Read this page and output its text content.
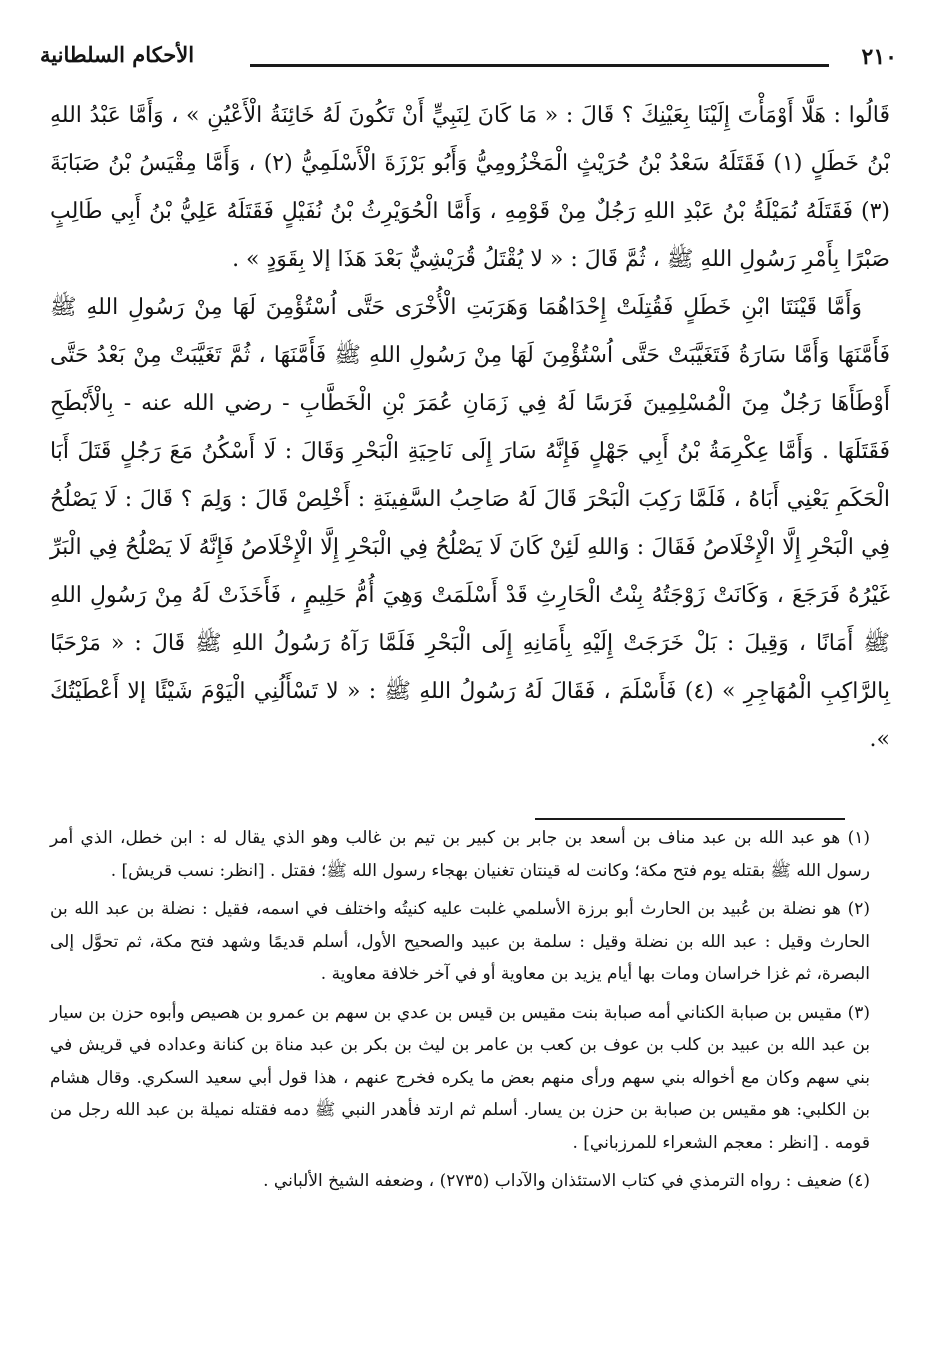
٢١٠
الأحكام السلطانية

قَالُوا : هَلَّا أَوْمَأْتَ إِلَيْنَا بِعَيْنِكَ ؟ قَالَ : « مَا كَانَ لِنَبِيٍّ أَنْ تَكُونَ لَهُ خَائِنَةُ الْأَعْيُنِ » ، وَأَمَّا عَبْدُ اللهِ بْنُ خَطَلٍ (١) فَقَتَلَهُ سَعْدُ بْنُ حُرَيْثٍ الْمَخْزُومِيُّ وَأَبُو بَرْزَةَ الْأَسْلَمِيُّ (٢) ، وَأَمَّا مِقْيَسُ بْنُ صَبَابَةَ (٣) فَقَتَلَهُ نُمَيْلَةُ بْنُ عَبْدِ اللهِ رَجُلٌ مِنْ قَوْمِهِ ، وَأَمَّا الْحُوَيْرِثُ بْنُ نُفَيْلٍ فَقَتَلَهُ عَلِيُّ بْنُ أَبِي طَالِبٍ صَبْرًا بِأَمْرِ رَسُولِ اللهِ ﷺ ، ثُمَّ قَالَ : « لا يُقْتَلُ قُرَيْشِيٌّ بَعْدَ هَذَا إلا بِقَوَدٍ » .

وَأَمَّا قَيْنَتَا ابْنِ خَطَلٍ فَقُتِلَتْ إِحْدَاهُمَا وَهَرَبَتِ الْأُخْرَى حَتَّى اُسْتُؤْمِنَ لَهَا مِنْ رَسُولِ اللهِ ﷺ فَأَمَّنَهَا وَأَمَّا سَارَةُ فَتَغَيَّبَتْ حَتَّى اُسْتُؤْمِنَ لَهَا مِنْ رَسُولِ اللهِ ﷺ فَأَمَّنَهَا ، ثُمَّ تَغَيَّبَتْ مِنْ بَعْدُ حَتَّى أَوْطَأَهَا رَجُلٌ مِنَ الْمُسْلِمِينَ فَرَسًا لَهُ فِي زَمَانِ عُمَرَ بْنِ الْخَطَّابِ - رضي الله عنه - بِالْأَبْطَحِ فَقَتَلَهَا . وَأَمَّا عِكْرِمَةُ بْنُ أَبِي جَهْلٍ فَإِنَّهُ سَارَ إِلَى نَاحِيَةِ الْبَحْرِ وَقَالَ : لَا أَسْكُنُ مَعَ رَجُلٍ قَتَلَ أَبَا الْحَكَمِ يَعْنِي أَبَاهُ ، فَلَمَّا رَكِبَ الْبَحْرَ قَالَ لَهُ صَاحِبُ السَّفِينَةِ : أَخْلِصْ قَالَ : وَلِمَ ؟ قَالَ : لَا يَصْلُحُ فِي الْبَحْرِ إِلَّا الْإِخْلَاصُ فَقَالَ : وَاللهِ لَئِنْ كَانَ لَا يَصْلُحُ فِي الْبَحْرِ إِلَّا الْإِخْلَاصُ فَإِنَّهُ لَا يَصْلُحُ فِي الْبَرِّ غَيْرُهُ فَرَجَعَ ، وَكَانَتْ زَوْجَتُهُ بِنْتُ الْحَارِثِ قَدْ أَسْلَمَتْ وَهِيَ أُمُّ حَلِيمٍ ، فَأَخَذَتْ لَهُ مِنْ رَسُولِ اللهِ ﷺ أَمَانًا ، وَقِيلَ : بَلْ خَرَجَتْ إِلَيْهِ بِأَمَانِهِ إِلَى الْبَحْرِ فَلَمَّا رَآهُ رَسُولُ اللهِ ﷺ قَالَ : « مَرْحَبًا بِالرَّاكِبِ الْمُهَاجِرِ » (٤) فَأَسْلَمَ ، فَقَالَ لَهُ رَسُولُ اللهِ ﷺ : « لا تَسْأَلُنِي الْيَوْمَ شَيْئًا إلا أَعْطَيْتُكَ ».

(١) هو عبد الله بن عبد مناف بن أسعد بن جابر بن كبير بن تيم بن غالب وهو الذي يقال له : ابن خطل، الذي أمر رسول الله ﷺ بقتله يوم فتح مكة؛ وكانت له قينتان تغنيان بهجاء رسول الله ﷺ؛ فقتل . [انظر: نسب قريش] .

(٢) هو نضلة بن عُبيد بن الحارث أبو برزة الأسلمي غلبت عليه كنيتُه واختلف في اسمه، فقيل : نضلة بن عبد الله بن الحارث وقيل : عبد الله بن نضلة وقيل : سلمة بن عبيد والصحيح الأول، أسلم قديمًا وشهد فتح مكة، ثم تحوَّل إلى البصرة، ثم غزا خراسان ومات بها أيام يزيد بن معاوية أو في آخر خلافة معاوية .

(٣) مقيس بن صبابة الكناني أمه صبابة بنت مقيس بن قيس بن عدي بن سهم بن عمرو بن هصيص وأبوه حزن بن سيار بن عبد الله بن عبيد بن كلب بن عوف بن كعب بن عامر بن ليث بن بكر بن عبد مناة بن كنانة وعداده في قريش في بني سهم وكان مع أخواله بني سهم ورأى منهم بعض ما يكره فخرج عنهم ، هذا قول أبي سعيد السكري. وقال هشام بن الكلبي: هو مقيس بن صبابة بن حزن بن يسار. أسلم ثم ارتد فأهدر النبي ﷺ دمه فقتله نميلة بن عبد الله رجل من قومه . [انظر : معجم الشعراء للمرزباني] .

(٤) ضعيف : رواه الترمذي في كتاب الاستئذان والآداب (٢٧٣٥) ، وضعفه الشيخ الألباني .
